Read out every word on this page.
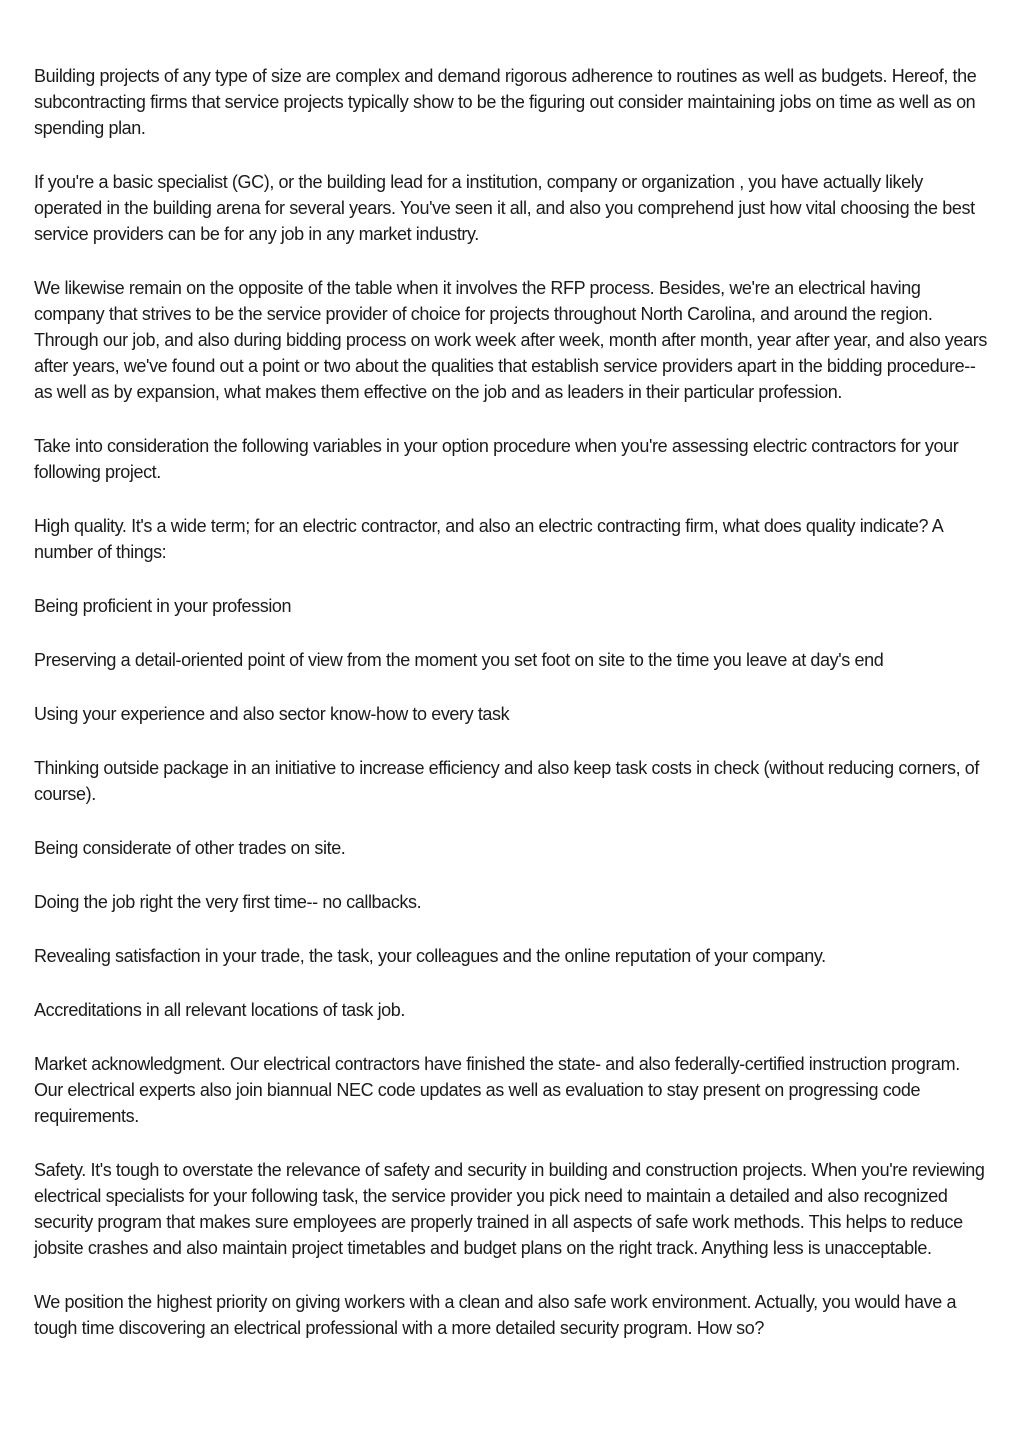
Building projects of any type of size are complex and demand rigorous adherence to routines as well as budgets. Hereof, the subcontracting firms that service projects typically show to be the figuring out consider maintaining jobs on time as well as on spending plan.

If you're a basic specialist (GC), or the building lead for a institution, company or organization , you have actually likely operated in the building arena for several years. You've seen it all, and also you comprehend just how vital choosing the best service providers can be for any job in any market industry.

We likewise remain on the opposite of the table when it involves the RFP process. Besides, we're an electrical having company that strives to be the service provider of choice for projects throughout North Carolina, and around the region. Through our job, and also during bidding process on work week after week, month after month, year after year, and also years after years, we've found out a point or two about the qualities that establish service providers apart in the bidding procedure-- as well as by expansion, what makes them effective on the job and as leaders in their particular profession.

Take into consideration the following variables in your option procedure when you're assessing electric contractors for your following project.

High quality. It's a wide term; for an electric contractor, and also an electric contracting firm, what does quality indicate? A number of things:

Being proficient in your profession

Preserving a detail-oriented point of view from the moment you set foot on site to the time you leave at day's end

Using your experience and also sector know-how to every task

Thinking outside package in an initiative to increase efficiency and also keep task costs in check (without reducing corners, of course).

Being considerate of other trades on site.

Doing the job right the very first time-- no callbacks.

Revealing satisfaction in your trade, the task, your colleagues and the online reputation of your company.

Accreditations in all relevant locations of task job.

Market acknowledgment. Our electrical contractors have finished the state- and also federally-certified instruction program. Our electrical experts also join biannual NEC code updates as well as evaluation to stay present on progressing code requirements.

Safety. It's tough to overstate the relevance of safety and security in building and construction projects. When you're reviewing electrical specialists for your following task, the service provider you pick need to maintain a detailed and also recognized security program that makes sure employees are properly trained in all aspects of safe work methods. This helps to reduce jobsite crashes and also maintain project timetables and budget plans on the right track. Anything less is unacceptable.

We position the highest priority on giving workers with a clean and also safe work environment. Actually, you would have a tough time discovering an electrical professional with a more detailed security program. How so?
